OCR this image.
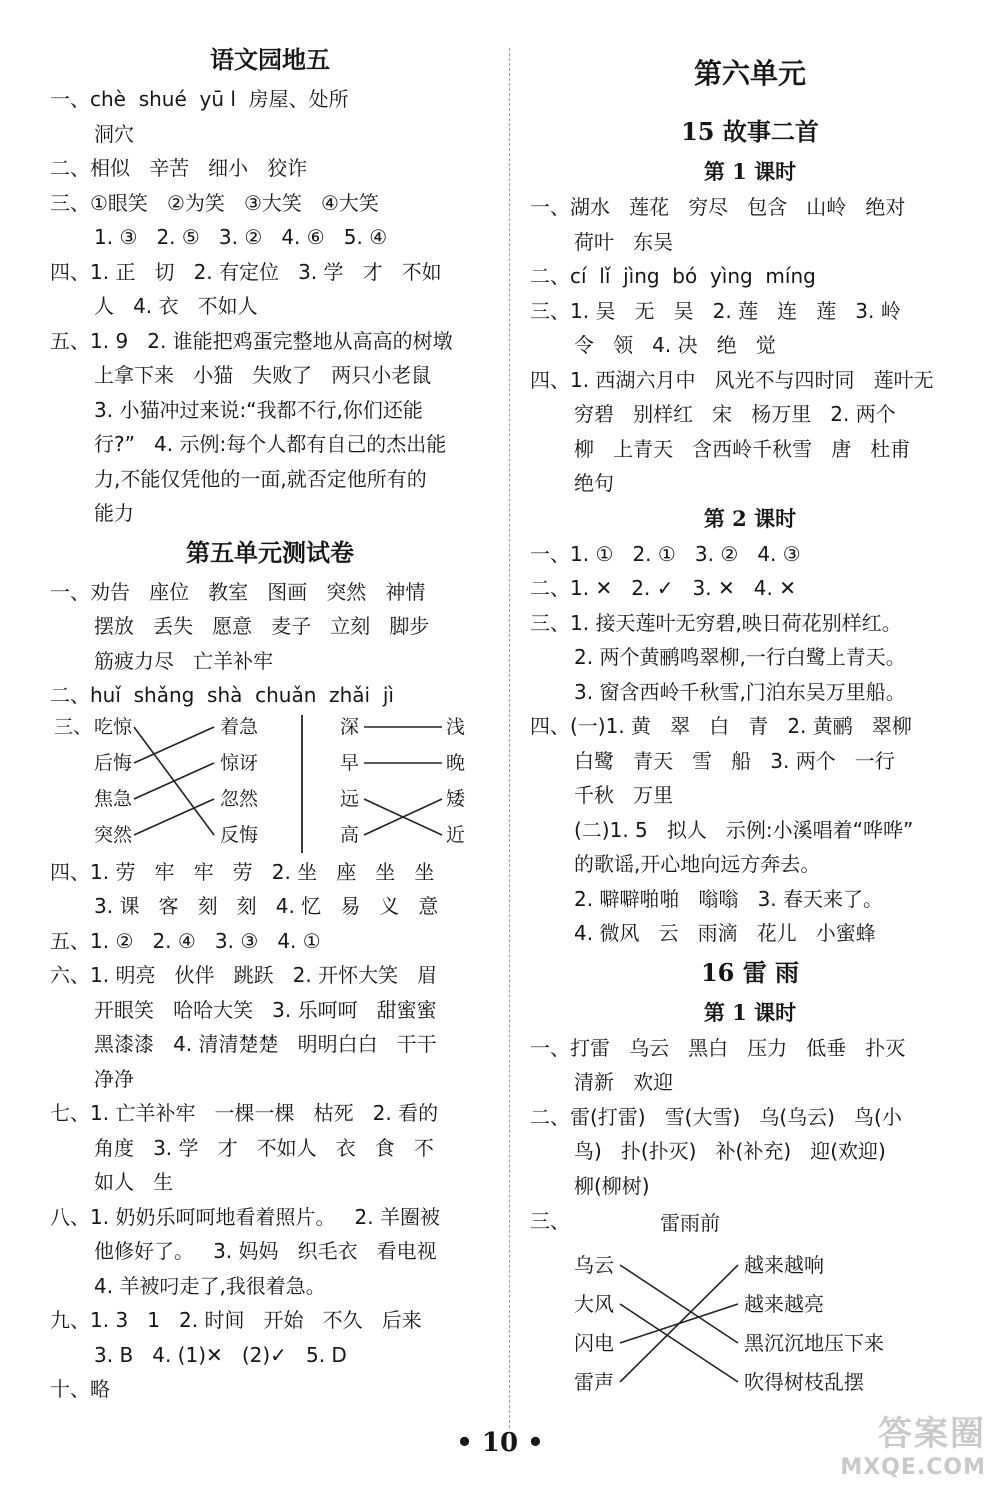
语文园地五
一、chè  shué  yū l  房屋、处所
洞穴
二、相似   辛苦   细小   狡诈
三、①眼笑   ②为笑   ③大笑   ④大笑
1. ③   2. ⑤   3. ②   4. ⑥   5. ④
四、1. 正   切   2. 有定位   3. 学   才   不如
人   4. 衣   不如人
五、1. 9   2. 谁能把鸡蛋完整地从高高的树墩
上拿下来   小猫   失败了   两只小老鼠
3. 小猫冲过来说:“我都不行,你们还能
行?”   4. 示例:每个人都有自己的杰出能
力,不能仅凭他的一面,就否定他所有的
能力
第五单元测试卷
一、劝告   座位   教室   图画   突然   神情
摆放   丢失   愿意   麦子   立刻   脚步
筋疲力尽   亡羊补牢
二、huǐ  shǎng  shà  chuǎn  zhǎi  jì
三、 吃惊
后悔
焦急
突然
着急
惊讶
忽然
反悔
深
早
远
高
浅
晚
矮
近
四、1. 劳   牢   牢   劳   2. 坐   座   坐   坐
3. 课   客   刻   刻   4. 忆   易   义   意
五、1. ②   2. ④   3. ③   4. ①
六、1. 明亮   伙伴   跳跃   2. 开怀大笑   眉
开眼笑   哈哈大笑   3. 乐呵呵   甜蜜蜜
黑漆漆   4. 清清楚楚   明明白白   干干
净净
七、1. 亡羊补牢   一棵一棵   枯死   2. 看的
角度   3. 学   才   不如人   衣   食   不
如人   生
八、1. 奶奶乐呵呵地看着照片。   2. 羊圈被
他修好了。   3. 妈妈   织毛衣   看电视
4. 羊被叼走了,我很着急。
九、1. 3   1   2. 时间   开始   不久   后来
3. B   4. (1)✕   (2)✓   5. D
十、略
第六单元
15 故事二首
第 1 课时
一、湖水   莲花   穷尽   包含   山岭   绝对
荷叶   东吴
二、cí  lǐ  jìng  bó  yìng  míng
三、1. 吴   无   吴   2. 莲   连   莲   3. 岭
令   领   4. 决   绝   觉
四、1. 西湖六月中   风光不与四时同   莲叶无
穷碧   别样红   宋   杨万里   2. 两个
柳   上青天   含西岭千秋雪   唐   杜甫
绝句
第 2 课时
一、1. ①   2. ①   3. ②   4. ③
二、1. ✕   2. ✓   3. ✕   4. ✕
三、1. 接天莲叶无穷碧,映日荷花别样红。
2. 两个黄鹂鸣翠柳,一行白鹭上青天。
3. 窗含西岭千秋雪,门泊东吴万里船。
四、(一)1. 黄   翠   白   青   2. 黄鹂   翠柳
白鹭   青天   雪   船   3. 两个   一行
千秋   万里
(二)1. 5   拟人   示例:小溪唱着“哗哗”
的歌谣,开心地向远方奔去。
2. 噼噼啪啪   嗡嗡   3. 春天来了。
4. 微风   云   雨滴   花儿   小蜜蜂
16 雷 雨
第 1 课时
一、打雷   乌云   黑白   压力   低垂   扑灭
清新   欢迎
二、雷(打雷)   雪(大雪)   乌(乌云)   鸟(小
鸟)   扑(扑灭)   补(补充)   迎(欢迎)
柳(柳树)
三、	雷雨前
乌云
大风
闪电
雷声
越来越响
越来越亮
黑沉沉地压下来
吹得树枝乱摆
• 10 •	答案圈
MXQE.COM
